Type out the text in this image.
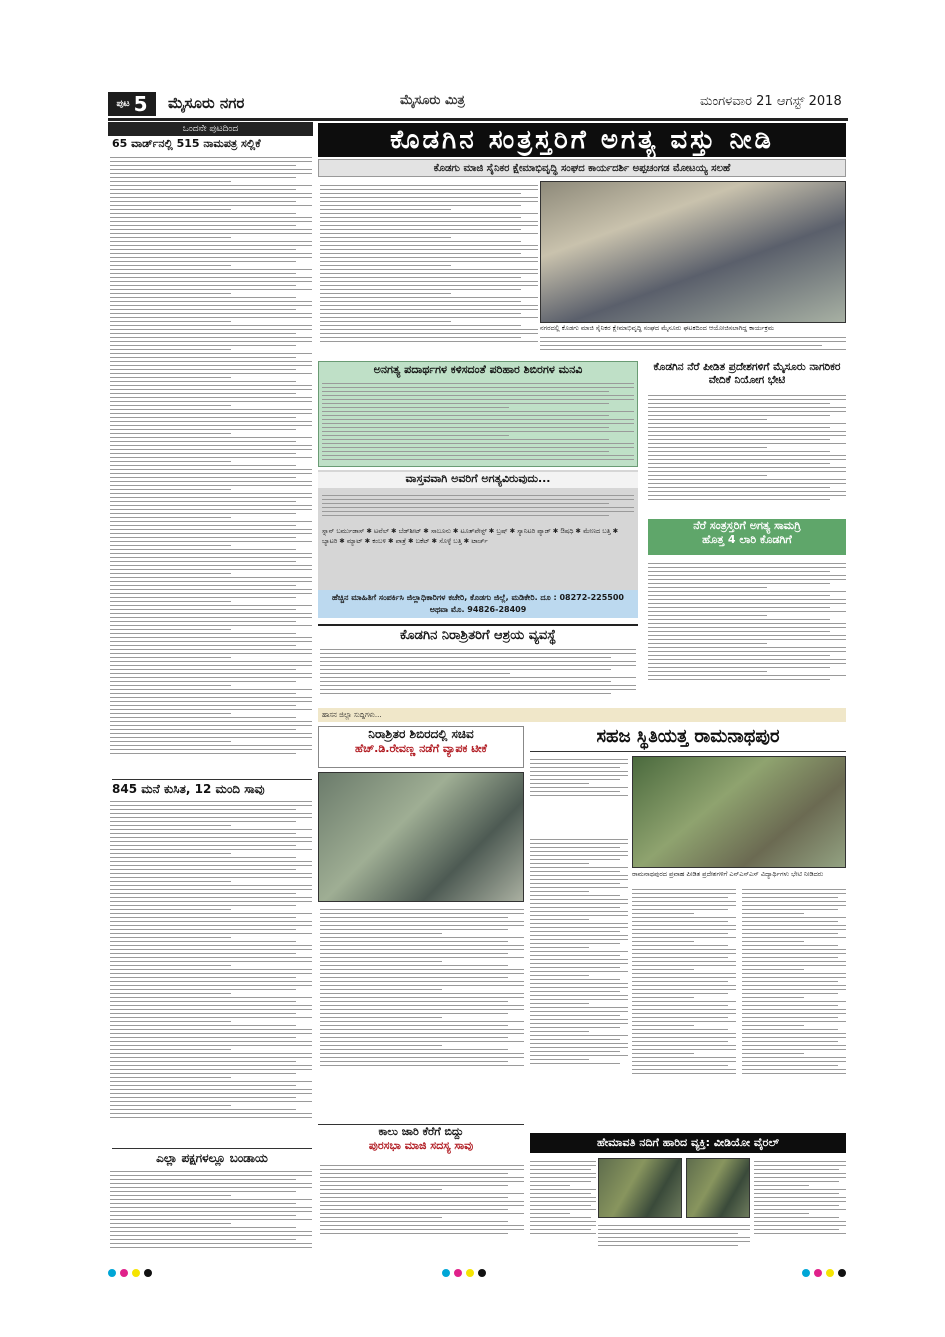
ಪುಟ 5 ಮೈಸೂರು ನಗರ	ಮೈಸೂರು ಮಿತ್ರ	ಮಂಗಳವಾರ 21 ಆಗಸ್ಟ್ 2018
ಒಂದನೇ ಪುಟದಿಂದ
65 ವಾರ್ಡ್‌ನಲ್ಲಿ 515 ನಾಮಪತ್ರ ಸಲ್ಲಿಕೆ
845 ಮನೆ ಕುಸಿತ, 12 ಮಂದಿ ಸಾವು
ಎಲ್ಲಾ ಪಕ್ಷಗಳಲ್ಲೂ ಬಂಡಾಯ
ಕೊಡಗಿನ ಸಂತ್ರಸ್ತರಿಗೆ ಅಗತ್ಯ ವಸ್ತು ನೀಡಿ
ಕೊಡಗು ಮಾಜಿ ಸೈನಿಕರ ಕ್ಷೇಮಾಭಿವೃದ್ಧಿ ಸಂಘದ ಕಾರ್ಯದರ್ಶಿ ಅಪ್ಪಚಂಗಡ ಮೋಟಯ್ಯ ಸಲಹೆ
ನಗರದಲ್ಲಿ ಕೊಡಗು ಮಾಜಿ ಸೈನಿಕರ ಕ್ಷೇಮಾಭಿವೃದ್ಧಿ ಸಂಘದ ಮೈಸೂರು ಘಟಕದಿಂದ ಆಯೋಜಿಸಲಾಗಿದ್ದ ಕಾರ್ಯಕ್ರಮ
ಅನಗತ್ಯ ಪದಾರ್ಥಗಳ ಕಳಿಸದಂತೆ ಪರಿಹಾರ ಶಿಬಿರಗಳ ಮನವಿ	ಕೊಡಗಿನ ನೆರೆ ಪೀಡಿತ ಪ್ರದೇಶಗಳಿಗೆ ಮೈಸೂರು ನಾಗರಿಕರ ವೇದಿಕೆ ನಿಯೋಗ ಭೇಟಿ
ವಾಸ್ತವವಾಗಿ ಅವರಿಗೆ ಅಗತ್ಯವಿರುವುದು...
ಸ್ನಾನ್ ಬರ್ಮುಡಾಸ್ ✱ ಟವೆಲ್ ✱ ಬೆಡ್‌ಶೀಟ್ ✱ ಸಾಬೂನು ✱ ಟೂತ್‌ಪೇಸ್ಟ್ ✱ ಬ್ರಷ್ ✱ ಸ್ಯಾನಿಟರಿ ಪ್ಯಾಡ್ ✱ ಔಷಧಿ ✱ ಮೇಣದ ಬತ್ತಿ ✱ ಬ್ಯಾಟರಿ ✱ ಮ್ಯಾಟ್ ✱ ಕಂಬಳಿ ✱ ಪಾತ್ರೆ ✱ ಬಕೆಟ್ ✱ ಸೊಳ್ಳೆ ಬತ್ತಿ ✱ ಟಾರ್ಚ್
ಹೆಚ್ಚಿನ ಮಾಹಿತಿಗೆ ಸಂಪರ್ಕಿಸಿ ಜಿಲ್ಲಾಧಿಕಾರಿಗಳ ಕಚೇರಿ, ಕೊಡಗು ಜಿಲ್ಲೆ, ಮಡಿಕೇರಿ. ದೂ : 08272-225500 ಅಥವಾ ಮೊ. 94826-28409
ನೆರೆ ಸಂತ್ರಸ್ತರಿಗೆ ಅಗತ್ಯ ಸಾಮಗ್ರಿ
ಹೊತ್ತ 4 ಲಾರಿ ಕೊಡಗಿಗೆ
ಕೊಡಗಿನ ನಿರಾಶ್ರಿತರಿಗೆ ಆಶ್ರಯ ವ್ಯವಸ್ಥೆ
ಹಾಸನ ಜಿಲ್ಲಾ ಸುದ್ದಿಗಳು...
ನಿರಾಶ್ರಿತರ ಶಿಬಿರದಲ್ಲಿ ಸಚಿವ
ಹೆಚ್.ಡಿ.ರೇವಣ್ಣ ನಡೆಗೆ ವ್ಯಾಪಕ ಟೀಕೆ
ಸಹಜ ಸ್ಥಿತಿಯತ್ತ ರಾಮನಾಥಪುರ
ರಾಮನಾಥಪುರದ ಪ್ರವಾಹ ಪೀಡಿತ ಪ್ರದೇಶಗಳಿಗೆ ಎನ್‌ಎಸ್‌ಎಸ್ ವಿದ್ಯಾರ್ಥಿಗಳು ಭೇಟಿ ನೀಡಿದರು
ಕಾಲು ಜಾರಿ ಕೆರೆಗೆ ಬಿದ್ದು
ಪುರಸಭಾ ಮಾಜಿ ಸದಸ್ಯ ಸಾವು	ಹೇಮಾವತಿ ನದಿಗೆ ಹಾರಿದ ವ್ಯಕ್ತಿ: ವೀಡಿಯೋ ವೈರಲ್
